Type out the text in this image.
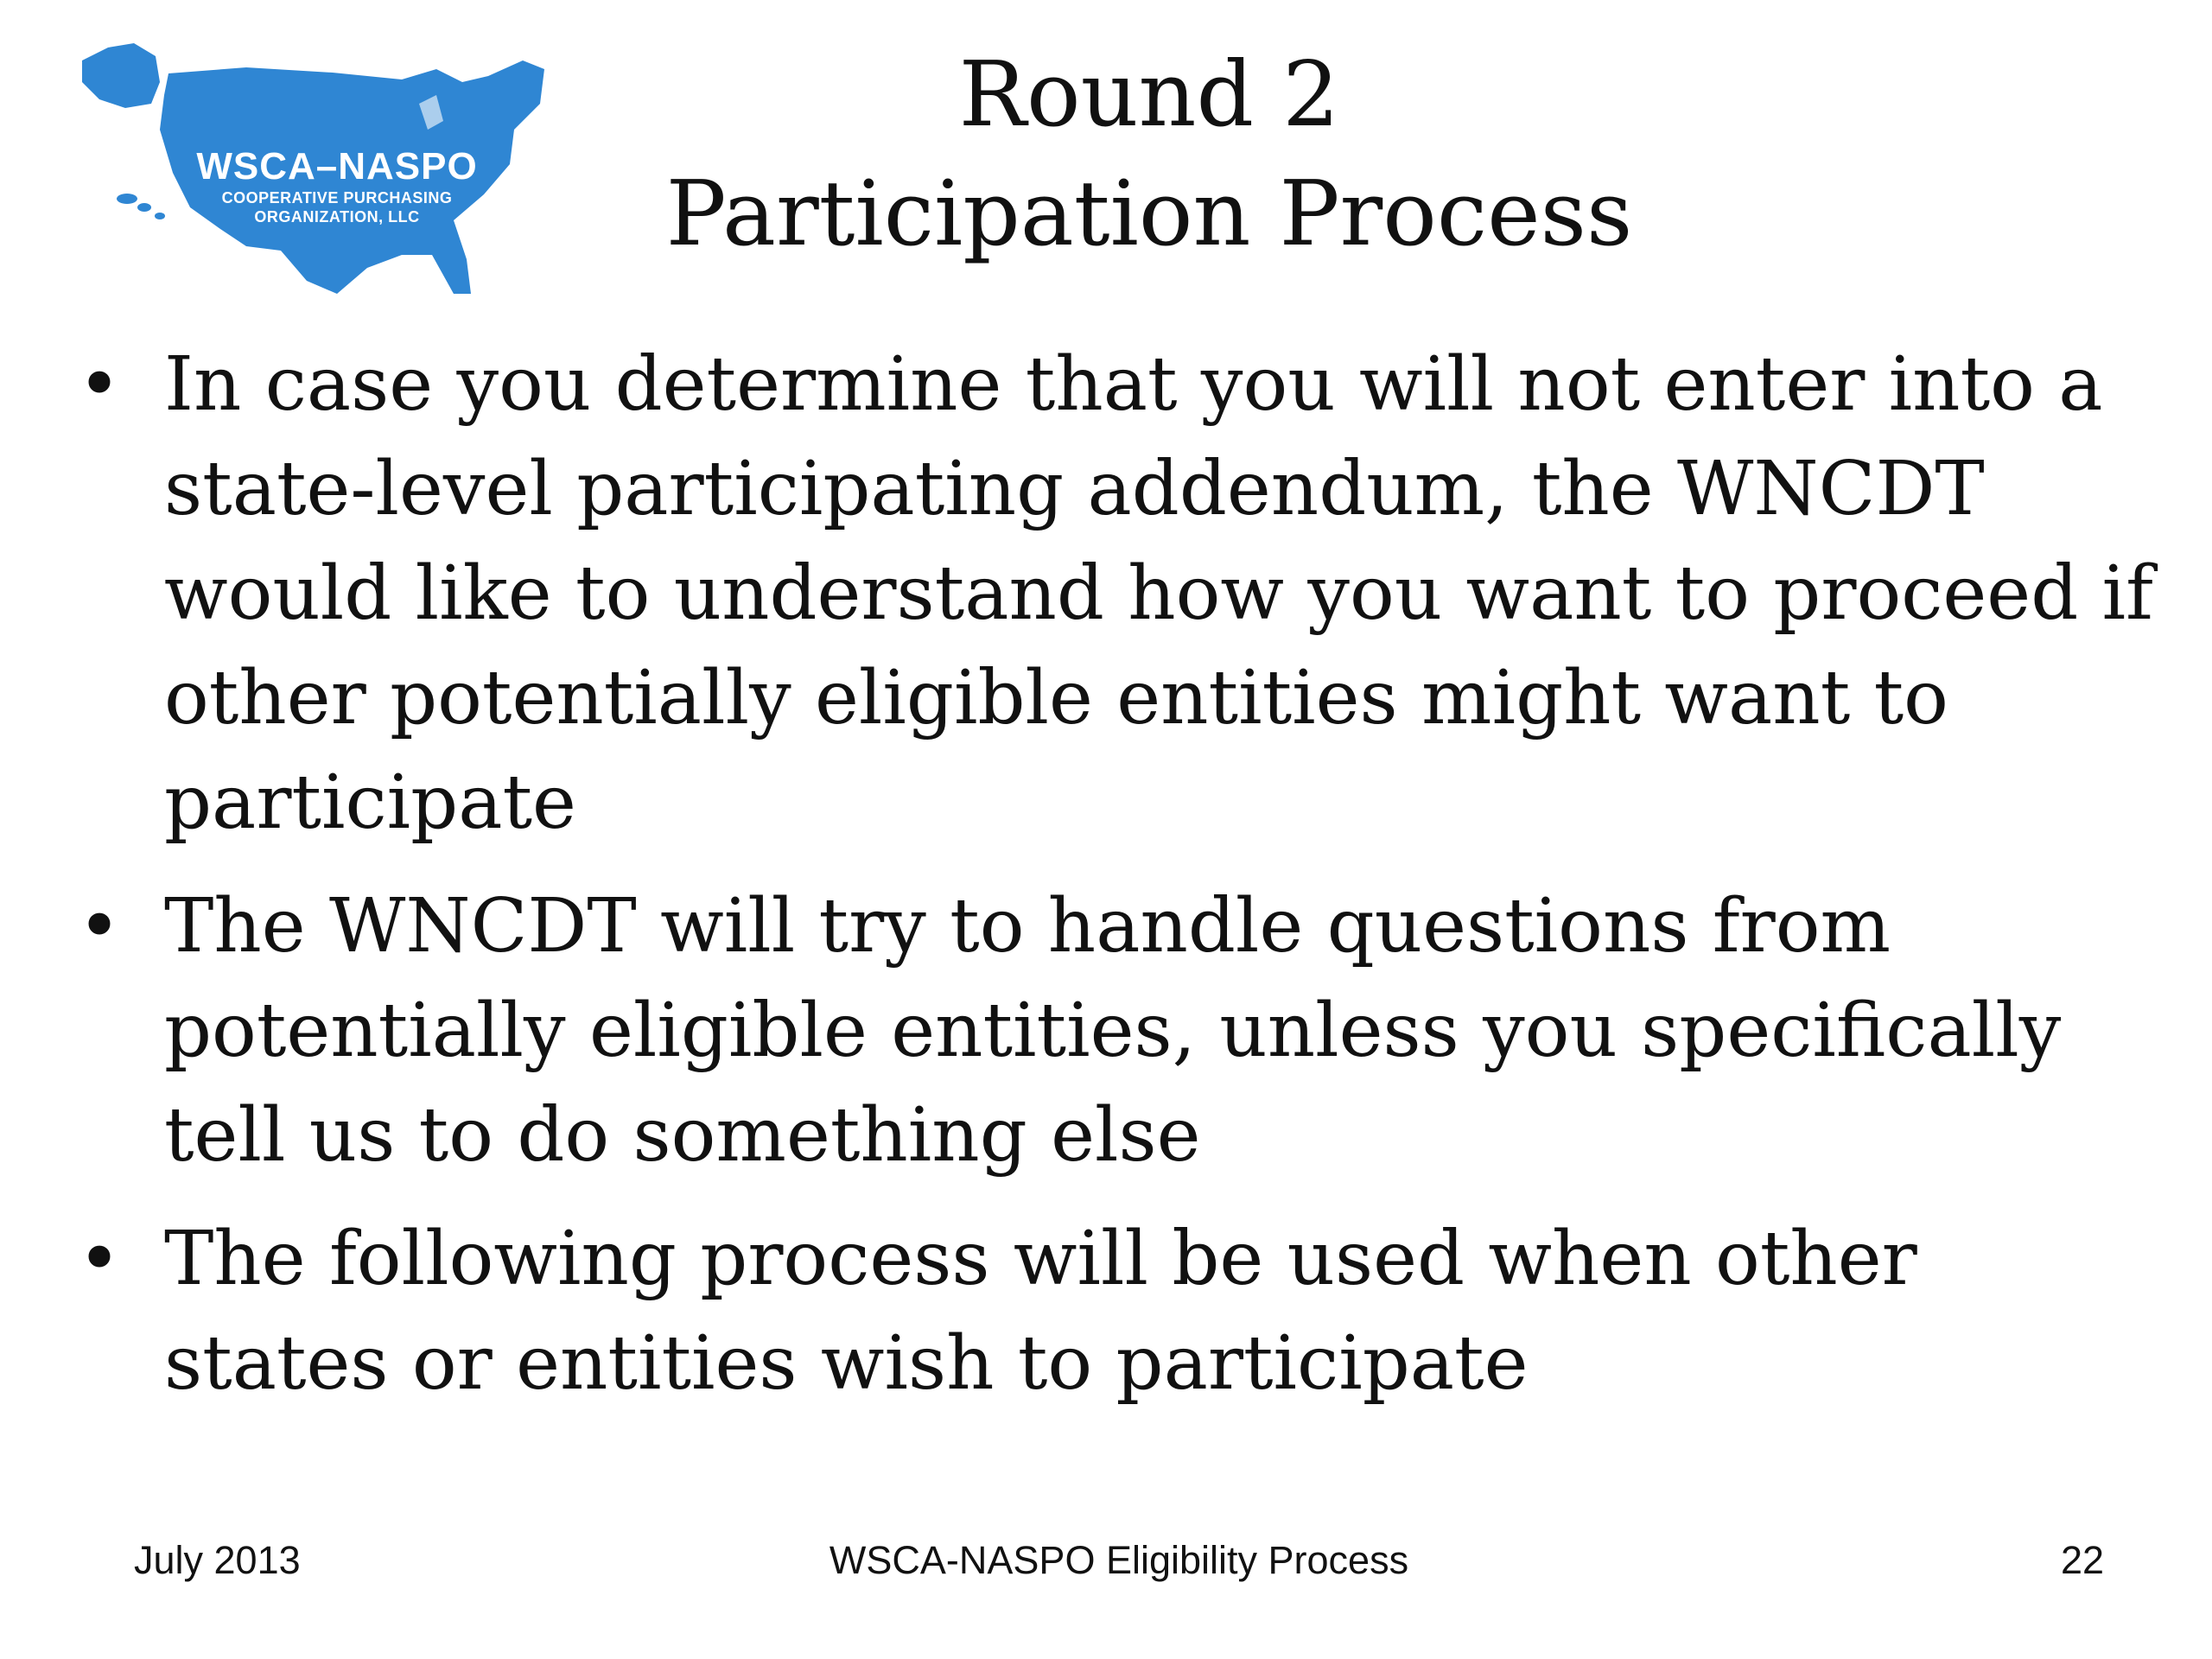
WSCA–NASPO
COOPERATIVE PURCHASING
ORGANIZATION, LLC
Round 2
Participation Process
• In case you determine that you will not enter into a state-level participating addendum, the WNCDT would like to understand how you want to proceed if other potentially eligible entities might want to participate
• The WNCDT will try to handle questions from potentially eligible entities, unless you specifically tell us to do something else
• The following process will be used when other states or entities wish to participate
July 2013	WSCA-NASPO Eligibility Process	22
